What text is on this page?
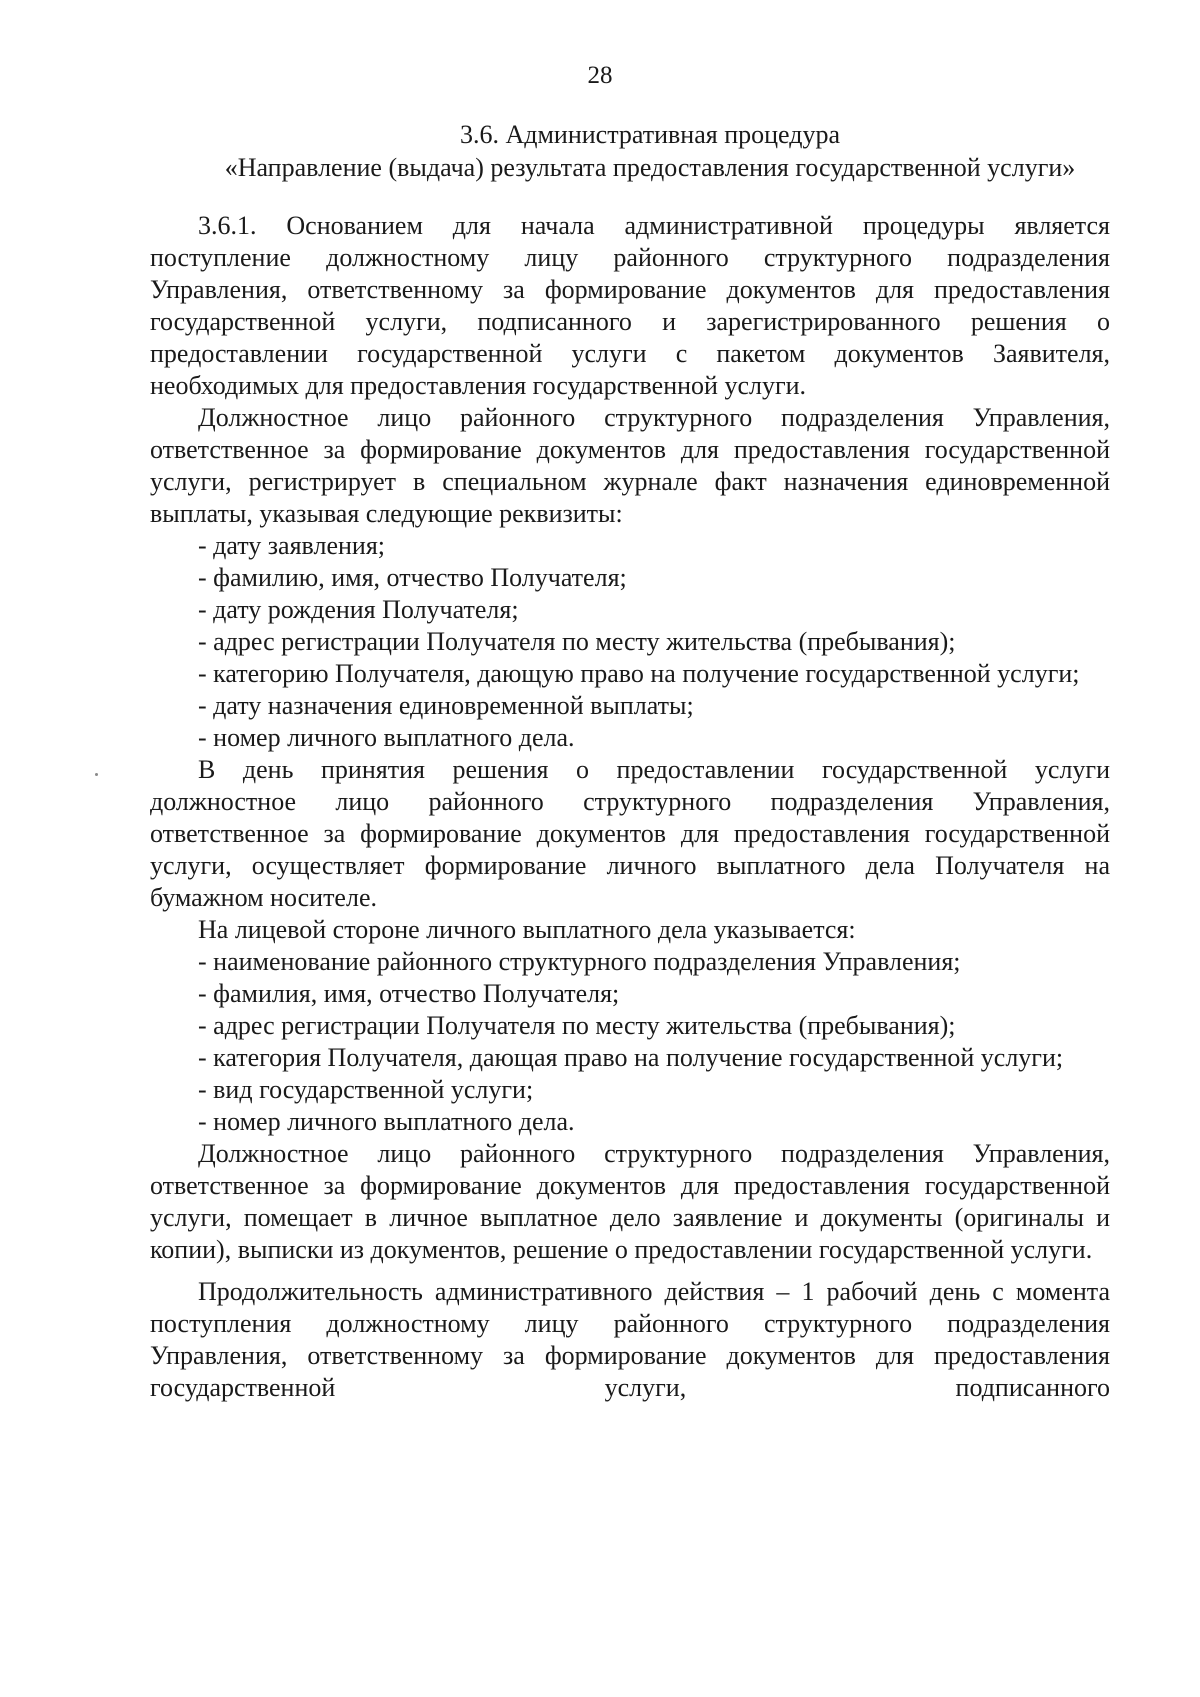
28
3.6. Административная процедура
«Направление (выдача) результата предоставления государственной услуги»

3.6.1. Основанием для начала административной процедуры является поступление должностному лицу районного структурного подразделения Управления, ответственному за формирование документов для предоставления государственной услуги, подписанного и зарегистрированного решения о предоставлении государственной услуги с пакетом документов Заявителя, необходимых для предоставления государственной услуги.

Должностное лицо районного структурного подразделения Управления, ответственное за формирование документов для предоставления государственной услуги, регистрирует в специальном журнале факт назначения единовременной выплаты, указывая следующие реквизиты:

- дату заявления;

- фамилию, имя, отчество Получателя;

- дату рождения Получателя;

- адрес регистрации Получателя по месту жительства (пребывания);

- категорию Получателя, дающую право на получение государственной услуги;

- дату назначения единовременной выплаты;

- номер личного выплатного дела.

В день принятия решения о предоставлении государственной услуги должностное лицо районного структурного подразделения Управления, ответственное за формирование документов для предоставления государственной услуги, осуществляет формирование личного выплатного дела Получателя на бумажном носителе.

На лицевой стороне личного выплатного дела указывается:

- наименование районного структурного подразделения Управления;

- фамилия, имя, отчество Получателя;

- адрес регистрации Получателя по месту жительства (пребывания);

- категория Получателя, дающая право на получение государственной услуги;

- вид государственной услуги;

- номер личного выплатного дела.

Должностное лицо районного структурного подразделения Управления, ответственное за формирование документов для предоставления государственной услуги, помещает в личное выплатное дело заявление и документы (оригиналы и копии), выписки из документов, решение о предоставлении государственной услуги.

Продолжительность административного действия – 1 рабочий день с момента поступления должностному лицу районного структурного подразделения Управления, ответственному за формирование документов для предоставления государственной услуги, подписанного
